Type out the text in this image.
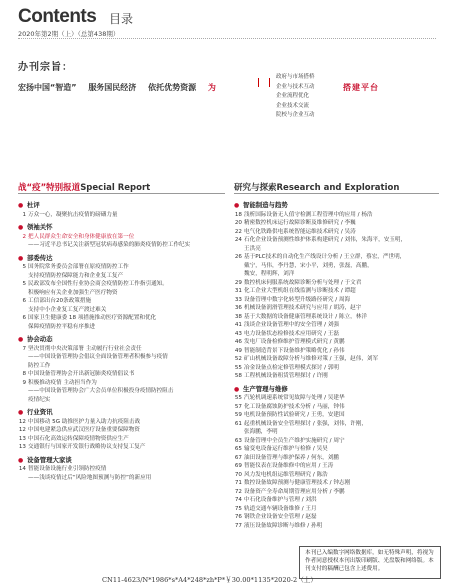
Contents 目录
2020年第2期（上）（总第438期）
办刊宗旨：
宏扬中国“智造” 服务国民经济 依托优势资源 为
政府与市场搭桥
企业与技术互动
企业流程优化
企业技术交流
院校与企业互动
搭建平台
战“疫”特别报道Special Report	研究与探索Research and Exploration
● 杜评
1 万众一心，凝聚抗击疫情的磅礴力量
● 领袖关怀
2 把人民群众生命安全和身体健康放在第一位
——习近平总书记关注新型冠状病毒感染的肺炎疫情防控工作纪实
● 部委传达
5 国务院常务委员会部署在原疫情防控工作
支持疫情防控保障能力和企业复工复产
5 民政部发布全国性行业协会商会疫情防控工作指引通知。
积极响应有关企业加强生产医疗物资
6 工信部出台20条政策措施
支持中小企业复工复产渡过难关
6 国家卫生健康委 18 项措施推动医疗资源配置和优化
保障疫情防控平稳有序推进
● 协会动态
7 坚决贯彻中央决策部署 主动履行行业社会责任
——中国设备管理协会倡议全面设备管理者积极参与疫情
防控工作
8 中国设备管理协会开出新冠肺炎疫情倡议书
9 积极推动疫情 主动担当作为
——中国设备管理协会广大会员单位积极投身疫情防控阻击
疫情纪实
● 行业资讯
12 中国移动 5G 助推医护力量入助力抗疫阻击战
12 中国电建紧急供应武汉医疗设备重要保障物资
13 中国石化高效运转保障疫情物资供应生产
13 交通银行与国家开发银行战略协议支持复工复产
● 设备管理大家谈
14 智能设备设施行业引领防控疫情
——浅谈疫情过后“风险地图预测与防控”的新应用
● 智能制造与趋势
18 浅析国际设备无人值守检测工程管理中的应用 / 杨浩
20 精密数控机床运行故障诊断及维修研究 / 李巍
22 电气化铁路供电系统智能运维技术研究 / 吴涛
24 石化企业设备预测性维护体系构建研究 / 刘伟，朱海平，安玉明，
王洪亮
26 基于PLC技术的自动化生产线设计分析 / 王立群，蔡宏，严世明，
戴宁，马伟，李丹慧，宋小平，刘勇，张磊，高鹏，
魏安，程明辉，刘洋
29 数控机床伺服系统故障诊断分析与处理 / 于文君
31 化工企业大型机组在线监测与诊断技术 / 谭超
33 设备管理中数字化转型升级路径研究 / 周海
36 机械设备润滑管理技术研究与应用 / 胡涛，赵宇
38 基于大数据的设备健康管理系统设计 / 陈立，林洋
41 浅谈企业设备管理中的安全管理 / 刘强
43 电力设备状态检修技术应用研究 / 王磊
46 发电厂设备检修维护管理模式研究 / 黄鹏
49 智能制造背景下设备维护策略优化 / 孙伟
52 矿山机械设备故障分析与维修对策 / 王强，赵伟，刘军
55 冶金设备点检定修管理模式探讨 / 郭明
58 工程机械设备租赁管理探讨 / 许刚
● 生产管理与维修
55 汽轮机调速系统常见故障与处理 / 吴建华
57 化工设备腐蚀防护技术分析 / 马丽，钟伟
59 电机设备预防性试验研究 / 王勇，安建国
61 起重机械设备安全管理探讨 / 张强，刘伟，许刚，
张海鹏，李明
63 设备管理中全员生产维护实施研究 / 周宁
65 输变电设备运行维护与检修 / 吴昊
67 油田设备管理与维护保养 / 何东，刘鹏
69 智能仪表在设备维修中的应用 / 王涛
70 风力发电机组运维管理研究 / 陈浩
71 数控设备故障预测与健康管理技术 / 钟志刚
72 设备资产全寿命周期管理应用分析 / 李鹏
74 中石化设备维护与管理 / 刘洪
75 轨道交通车辆设备维修 / 王月
76 钢铁企业设备安全管理 / 赵磊
77 液压设备故障诊断与维修 / 孙明
本刊已入编数字网络数据库，如无特殊声明，将视为作者同意授权本刊出版印刷版、光盘版和网络版。本刊支付的稿酬已包含上述费用。
CN11-4623/N*1986*s*A4*248*zh*P*￥30.00*1135*2020-2（上）
